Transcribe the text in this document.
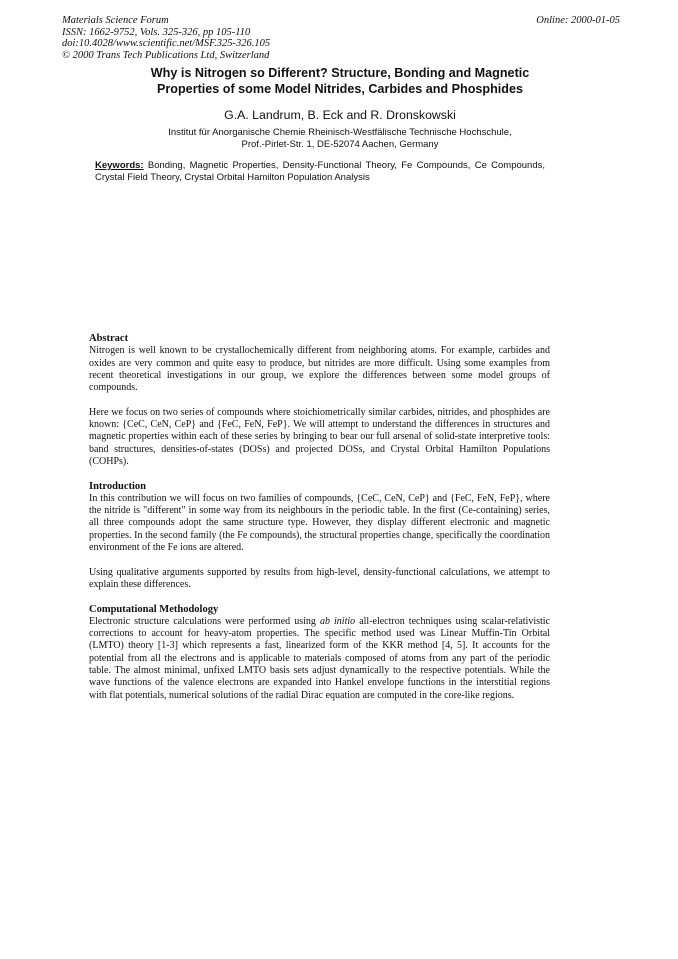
Materials Science Forum
ISSN: 1662-9752, Vols. 325-326, pp 105-110
doi:10.4028/www.scientific.net/MSF.325-326.105
© 2000 Trans Tech Publications Ltd, Switzerland
Online: 2000-01-05
Why is Nitrogen so Different? Structure, Bonding and Magnetic
Properties of some Model Nitrides, Carbides and Phosphides
G.A. Landrum, B. Eck and R. Dronskowski
Institut für Anorganische Chemie Rheinisch-Westfälische Technische Hochschule,
Prof.-Pirlet-Str. 1, DE-52074 Aachen, Germany
Keywords: Bonding, Magnetic Properties, Density-Functional Theory, Fe Compounds, Ce Compounds, Crystal Field Theory, Crystal Orbital Hamilton Population Analysis
Abstract

Nitrogen is well known to be crystallochemically different from neighboring atoms. For example, carbides and oxides are very common and quite easy to produce, but nitrides are more difficult. Using some examples from recent theoretical investigations in our group, we explore the differences between some model groups of compounds.

Here we focus on two series of compounds where stoichiometrically similar carbides, nitrides, and phosphides are known: {CeC, CeN, CeP} and {FeC, FeN, FeP}. We will attempt to understand the differences in structures and magnetic properties within each of these series by bringing to bear our full arsenal of solid-state interpretive tools: band structures, densities-of-states (DOSs) and projected DOSs, and Crystal Orbital Hamilton Populations (COHPs).

Introduction

In this contribution we will focus on two families of compounds, {CeC, CeN, CeP} and {FeC, FeN, FeP}, where the nitride is "different" in some way from its neighbours in the periodic table. In the first (Ce-containing) series, all three compounds adopt the same structure type. However, they display different electronic and magnetic properties. In the second family (the Fe compounds), the structural properties change, specifically the coordination environment of the Fe ions are altered.

Using qualitative arguments supported by results from high-level, density-functional calculations, we attempt to explain these differences.

Computational Methodology

Electronic structure calculations were performed using ab initio all-electron techniques using scalar-relativistic corrections to account for heavy-atom properties. The specific method used was Linear Muffin-Tin Orbital (LMTO) theory [1-3] which represents a fast, linearized form of the KKR method [4, 5]. It accounts for the potential from all the electrons and is applicable to materials composed of atoms from any part of the periodic table. The almost minimal, unfixed LMTO basis sets adjust dynamically to the respective potentials. While the wave functions of the valence electrons are expanded into Hankel envelope functions in the interstitial regions with flat potentials, numerical solutions of the radial Dirac equation are computed in the core-like regions.
